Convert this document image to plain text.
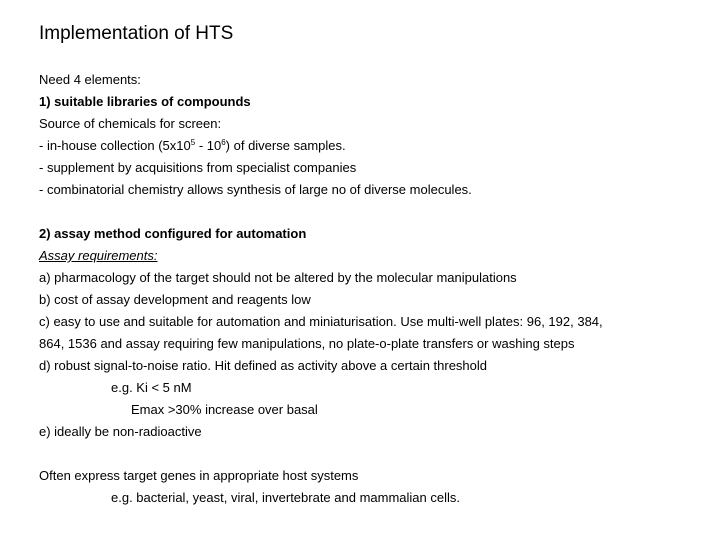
Implementation of HTS
Need 4 elements:
1) suitable libraries of compounds
Source of chemicals for screen:
- in-house collection $(5x10^5 - 10^6)$ of diverse samples.
- supplement by acquisitions from specialist companies
- combinatorial chemistry allows synthesis of large no of diverse molecules.
2) assay method configured for automation
Assay requirements:
a) pharmacology of the target should not be altered by the molecular manipulations
b) cost of assay development and reagents low
c) easy to use and suitable for automation and miniaturisation. Use multi-well plates: 96, 192, 384,
864, 1536 and assay requiring few manipulations, no plate-o-plate transfers or washing steps
d) robust signal-to-noise ratio. Hit defined as activity above a certain threshold
e.g. Ki < 5 nM
Emax >30% increase over basal
e) ideally be non-radioactive
Often express target genes in appropriate host systems
e.g. bacterial, yeast, viral, invertebrate and mammalian cells.
